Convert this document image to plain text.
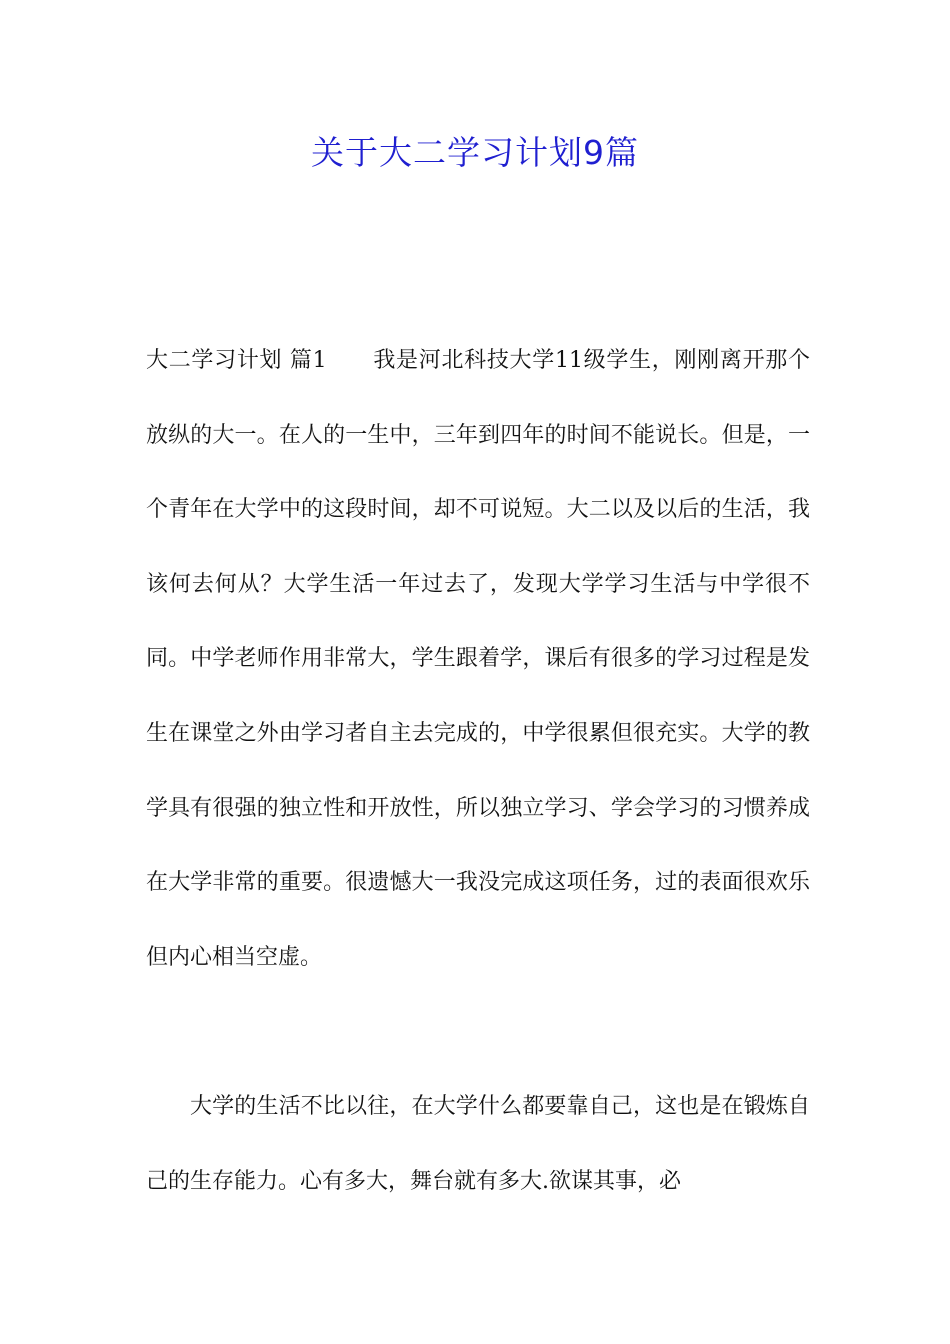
关于大二学习计划9篇

大二学习计划 篇1 我是河北科技大学11级学生，刚刚离开那个放纵的大一。在人的一生中，三年到四年的时间不能说长。但是，一个青年在大学中的这段时间，却不可说短。大二以及以后的生活，我该何去何从？大学生活一年过去了，发现大学学习生活与中学很不同。中学老师作用非常大，学生跟着学，课后有很多的学习过程是发生在课堂之外由学习者自主去完成的，中学很累但很充实。大学的教学具有很强的独立性和开放性，所以独立学习、学会学习的习惯养成在大学非常的重要。很遗憾大一我没完成这项任务，过的表面很欢乐但内心相当空虚。

大学的生活不比以往，在大学什么都要靠自己，这也是在锻炼自己的生存能力。心有多大，舞台就有多大.欲谋其事，必
